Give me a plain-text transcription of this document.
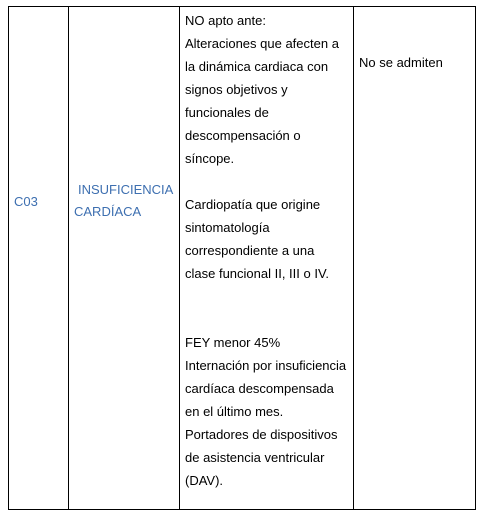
C03
INSUFICIENCIA
CARDÍACA
NO apto ante:
Alteraciones que afecten a
la dinámica cardiaca con
signos objetivos y
funcionales de
descompensación o
síncope.

Cardiopatía que origine
sintomatología
correspondiente a una
clase funcional II, III o IV.

FEY menor 45%
Internación por insuficiencia
cardíaca descompensada
en el último mes.
Portadores de dispositivos
de asistencia ventricular
(DAV).
No se admiten
